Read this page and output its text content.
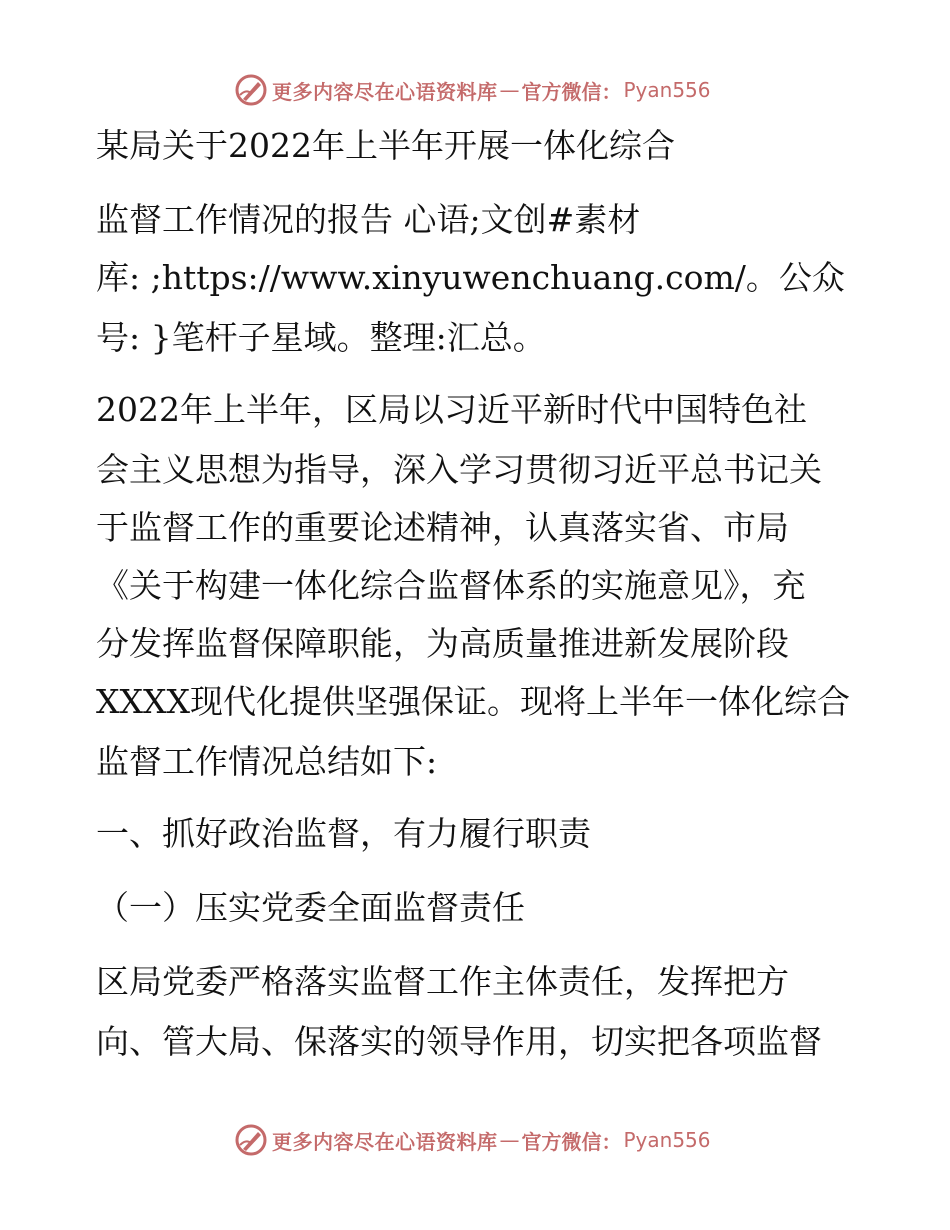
更多内容尽在心语资料库 — 官方微信： Pyan556
某局关于2022年上半年开展一体化综合
监督工作情况的报告 心语;文创#素材
库: ;https://www.xinyuwenchuang.com/。公众
号: }笔杆子星域。整理:汇总。
2022年上半年，区局以习近平新时代中国特色社
会主义思想为指导，深入学习贯彻习近平总书记关
于监督工作的重要论述精神，认真落实省、市局
《关于构建一体化综合监督体系的实施意见》，充
分发挥监督保障职能，为高质量推进新发展阶段
XXXX现代化提供坚强保证。现将上半年一体化综合
监督工作情况总结如下:
一、抓好政治监督，有力履行职责
（一）压实党委全面监督责任
区局党委严格落实监督工作主体责任，发挥把方
向、管大局、保落实的领导作用，切实把各项监督
更多内容尽在心语资料库 — 官方微信： Pyan556
